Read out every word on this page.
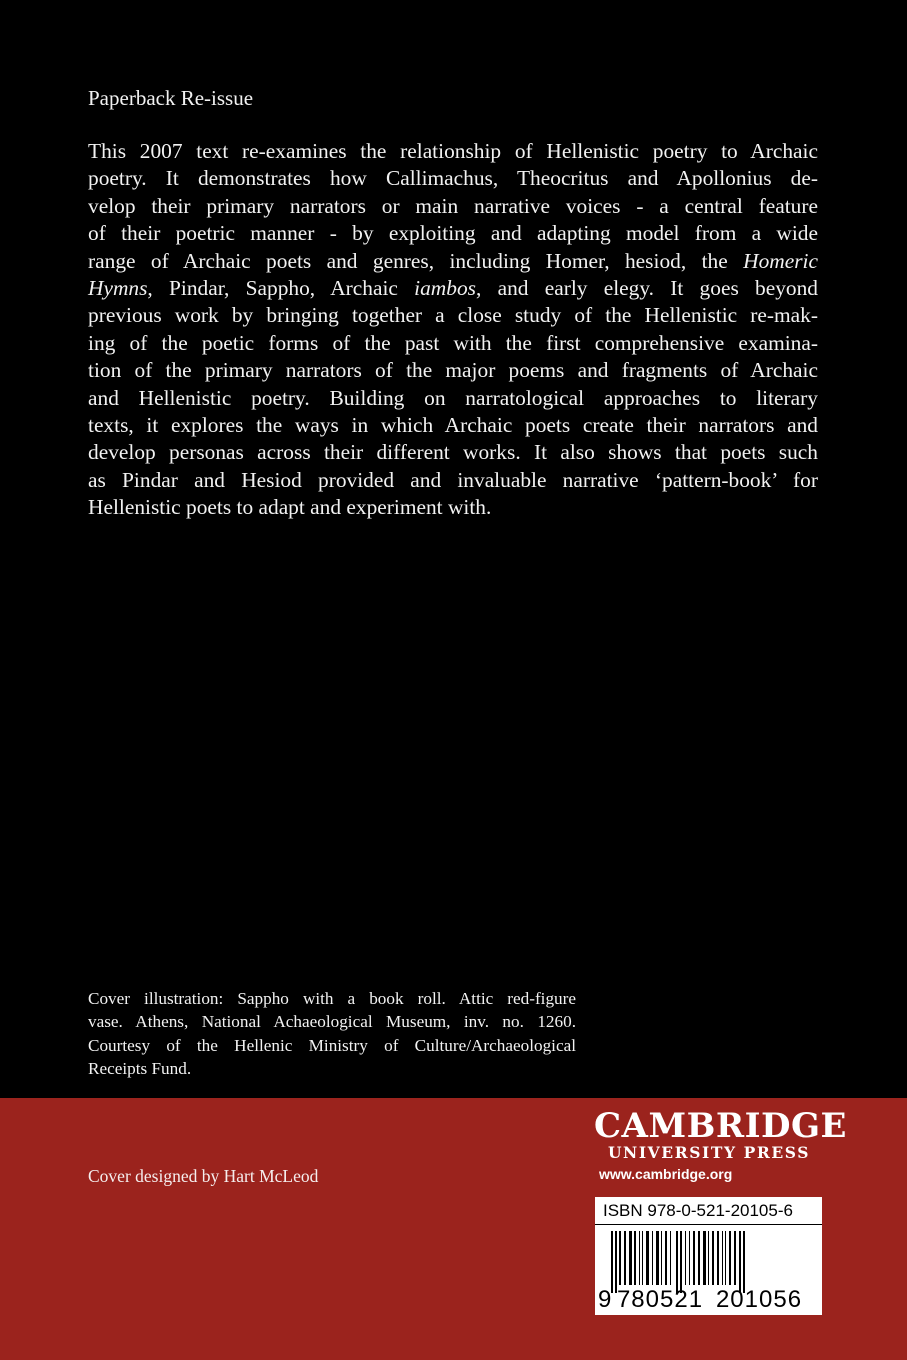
Paperback Re-issue

This 2007 text re-examines the relationship of Hellenistic poetry to Archaic
poetry. It demonstrates how Callimachus, Theocritus and Apollonius de-
velop their primary narrators or main narrative voices - a central feature
of their poetric manner - by exploiting and adapting model from a wide
range of Archaic poets and genres, including Homer, hesiod, the Homeric
Hymns, Pindar, Sappho, Archaic iambos, and early elegy. It goes beyond
previous work by bringing together a close study of the Hellenistic re-mak-
ing of the poetic forms of the past with the first comprehensive examina-
tion of the primary narrators of the major poems and fragments of Archaic
and Hellenistic poetry. Building on narratological approaches to literary
texts, it explores the ways in which Archaic poets create their narrators and
develop personas across their different works. It also shows that poets such
as Pindar and Hesiod provided and invaluable narrative ‘pattern-book’ for
Hellenistic poets to adapt and experiment with.
Cover illustration: Sappho with a book roll. Attic red-figure
vase. Athens, National Achaeological Museum, inv. no. 1260.
Courtesy of the Hellenic Ministry of Culture/Archaeological
Receipts Fund.

Cover designed by Hart McLeod

CAMBRIDGE
UNIVERSITY PRESS
www.cambridge.org
ISBN 978-0-521-20105-6
9 780521 201056
